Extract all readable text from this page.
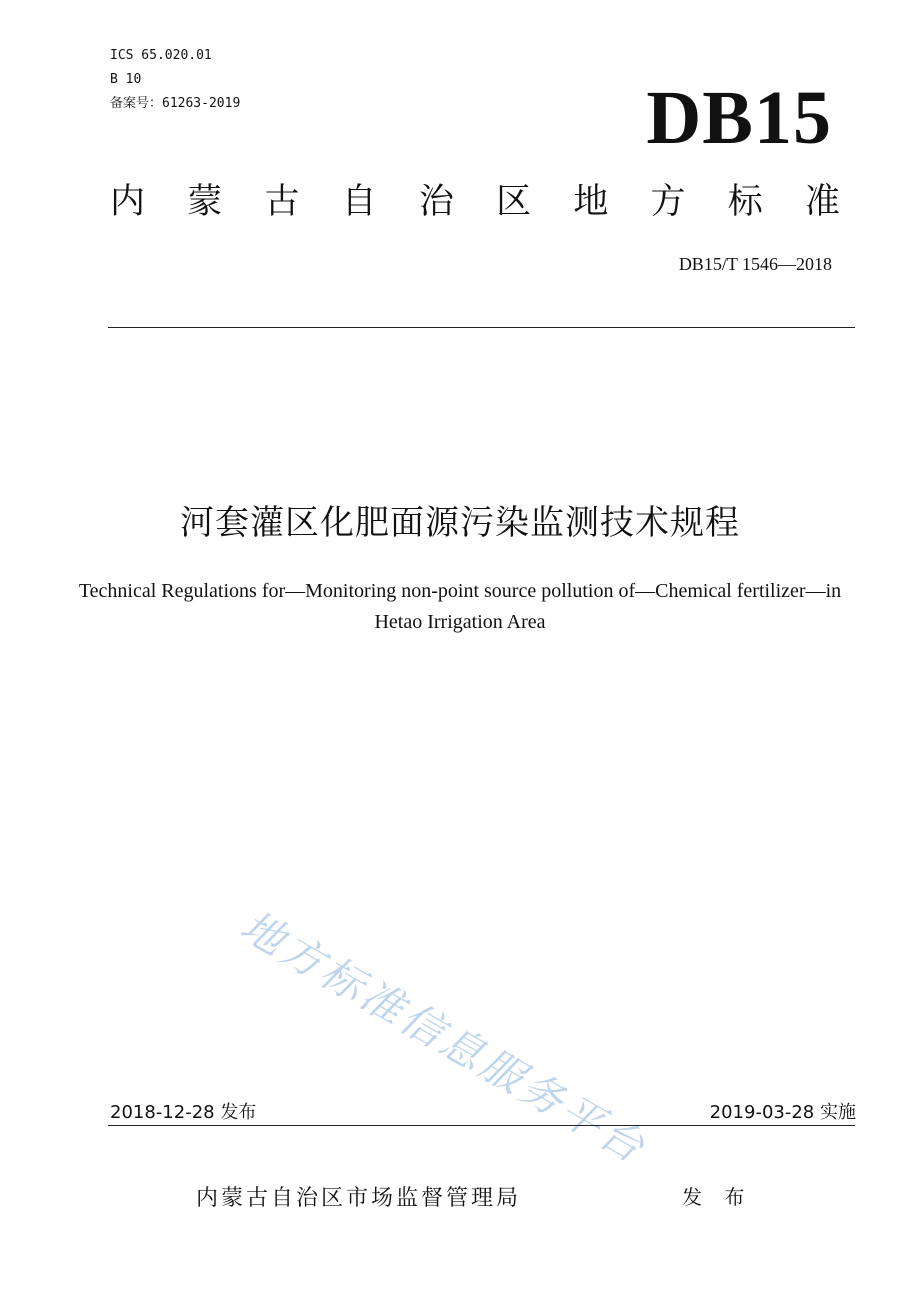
ICS 65.020.01
B 10
备案号：61263-2019	DB15
内 蒙 古 自 治 区 地 方 标 准
DB15/T 1546—2018
河套灌区化肥面源污染监测技术规程
Technical Regulations for—Monitoring non-point source pollution of—Chemical fertilizer—in Hetao Irrigation Area
地方标准信息服务平台
2018-12-28 发布	2019-03-28 实施
内蒙古自治区市场监督管理局	发 布
